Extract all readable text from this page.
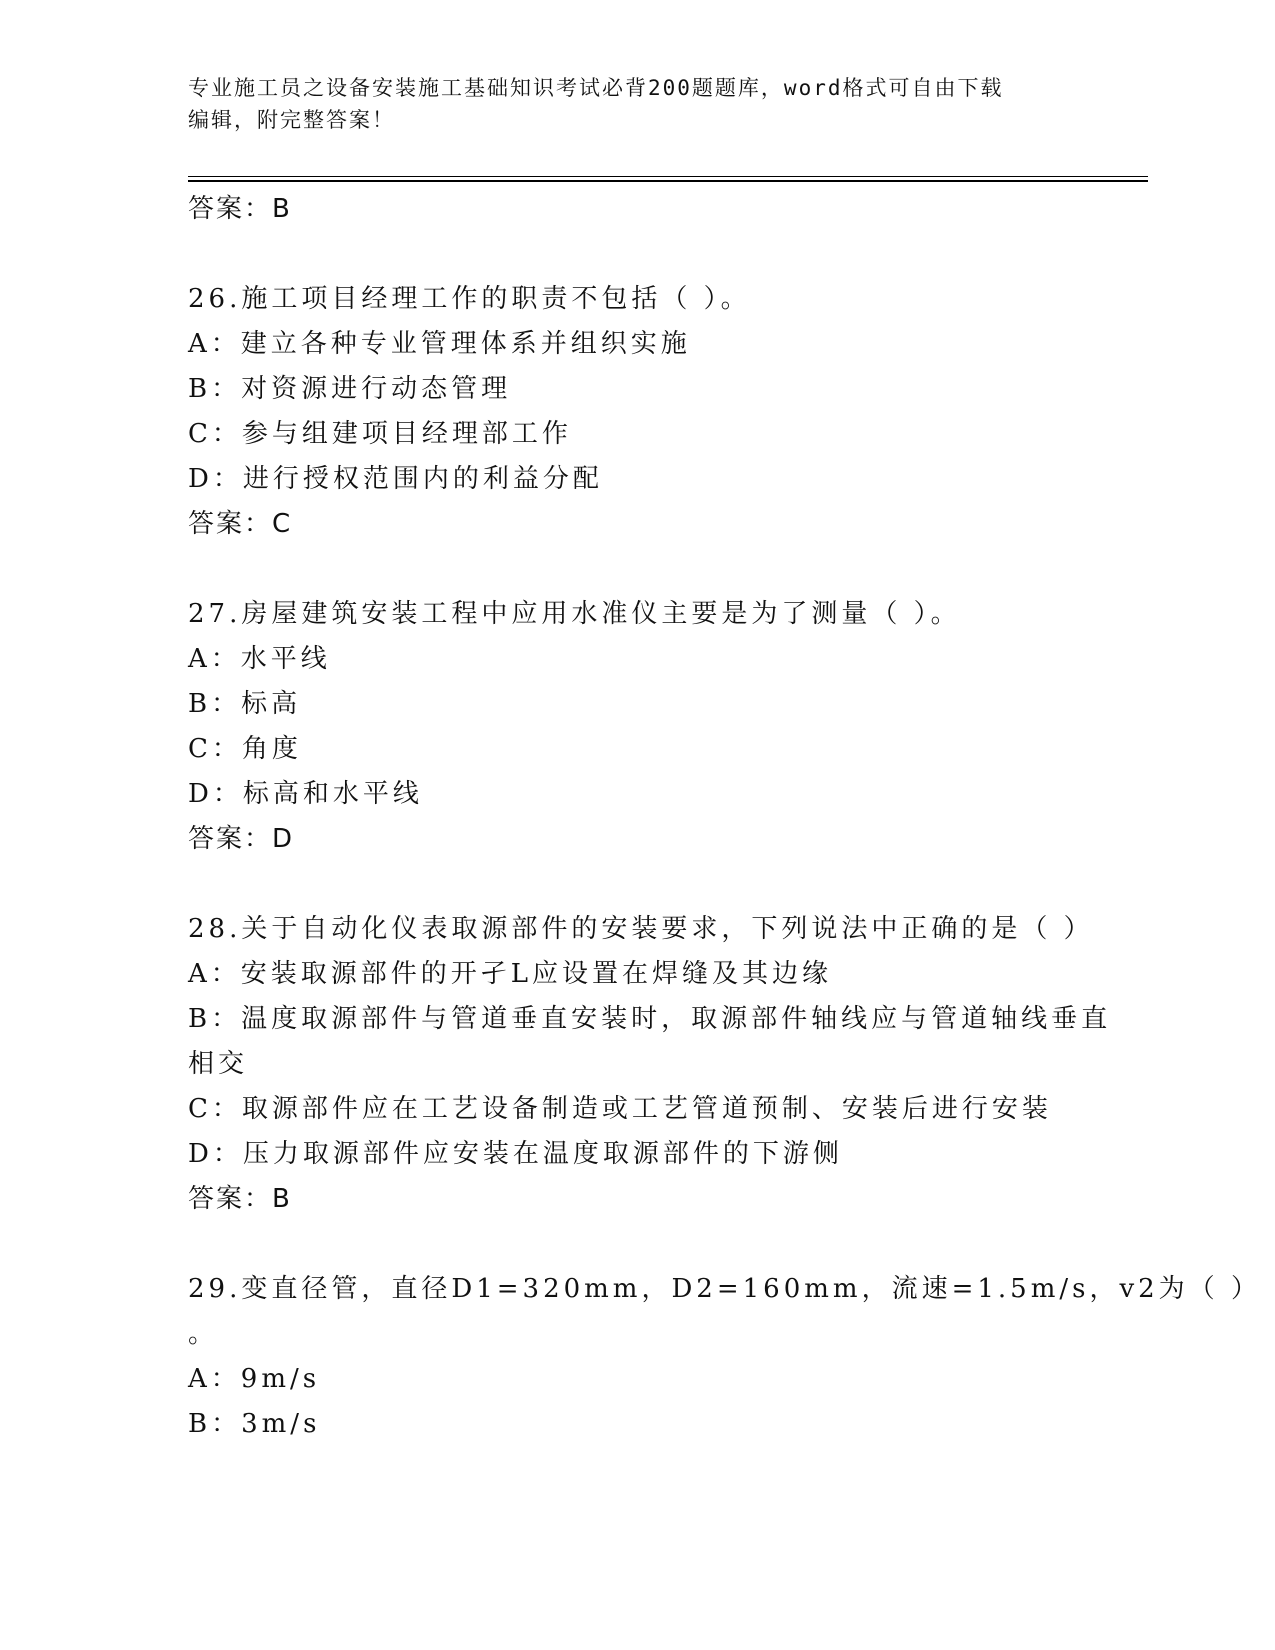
专业施工员之设备安装施工基础知识考试必背200题题库，word格式可自由下载
编辑，附完整答案！
答案：B
26.施工项目经理工作的职责不包括（ ）。
A：建立各种专业管理体系并组织实施
B：对资源进行动态管理
C：参与组建项目经理部工作
D：进行授权范围内的利益分配
答案：C
27.房屋建筑安装工程中应用水准仪主要是为了测量（ ）。
A：水平线
B：标高
C：角度
D：标高和水平线
答案：D
28.关于自动化仪表取源部件的安装要求，下列说法中正确的是（ ）
A：安装取源部件的开孑L应设置在焊缝及其边缘
B：温度取源部件与管道垂直安装时，取源部件轴线应与管道轴线垂直
相交
C：取源部件应在工艺设备制造或工艺管道预制、安装后进行安装
D：压力取源部件应安装在温度取源部件的下游侧
答案：B
29.变直径管，直径D1=320mm，D2=160mm，流速=1.5m/s，v2为（ ）
。
A：9m/s
B：3m/s
